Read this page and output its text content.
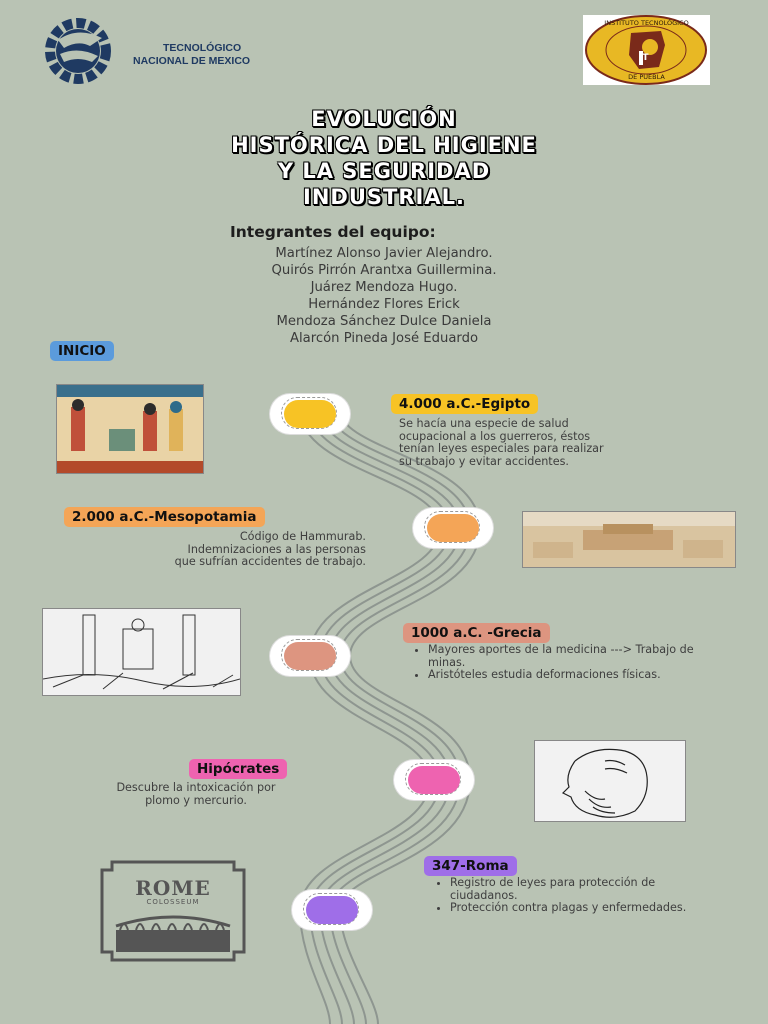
TECNOLÓGICO
NACIONAL DE MEXICO	IT
INSTITUTO TECNOLÓGICO
DE PUEBLA
EVOLUCIÓN
HISTÓRICA DEL HIGIENE
Y LA SEGURIDAD
INDUSTRIAL.
Integrantes del equipo:
Martínez Alonso Javier Alejandro.
Quirós Pirrón Arantxa Guillermina.
Juárez Mendoza Hugo.
Hernández Flores Erick
Mendoza Sánchez Dulce Daniela
Alarcón Pineda José Eduardo
INICIO
4.000 a.C.-Egipto
Se hacía una especie de salud
ocupacional a los guerreros, éstos
tenían leyes especiales para realizar
su trabajo y evitar accidentes.
2.000 a.C.-Mesopotamia
Código de Hammurab.
Indemnizaciones a las personas
que sufrían accidentes de trabajo.
1000 a.C. -Grecia
• Mayores aportes de la medicina ---> Trabajo de minas.
• Aristóteles estudia deformaciones físicas.
Hipócrates
Descubre la intoxicación por
plomo y mercurio.
ROME
COLOSSEUM
347-Roma
• Registro de leyes para protección de ciudadanos.
• Protección contra plagas y enfermedades.
